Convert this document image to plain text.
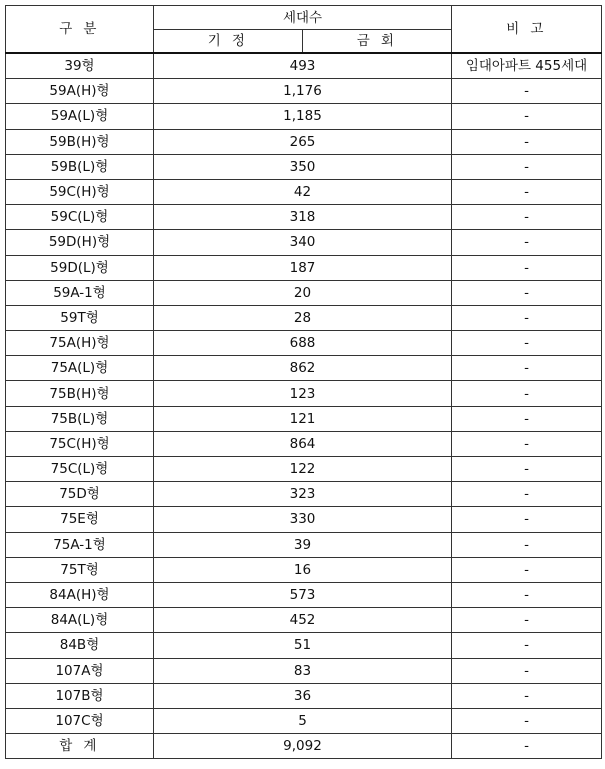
구 분	세대수		비 고
	기 정	금 회	
39형	493		임대아파트 455세대
59A(H)형	1,176		-
59A(L)형	1,185		-
59B(H)형	265		-
59B(L)형	350		-
59C(H)형	42		-
59C(L)형	318		-
59D(H)형	340		-
59D(L)형	187		-
59A-1형	20		-
59T형	28		-
75A(H)형	688		-
75A(L)형	862		-
75B(H)형	123		-
75B(L)형	121		-
75C(H)형	864		-
75C(L)형	122		-
75D형	323		-
75E형	330		-
75A-1형	39		-
75T형	16		-
84A(H)형	573		-
84A(L)형	452		-
84B형	51		-
107A형	83		-
107B형	36		-
107C형	5		-
합 계	9,092		-
